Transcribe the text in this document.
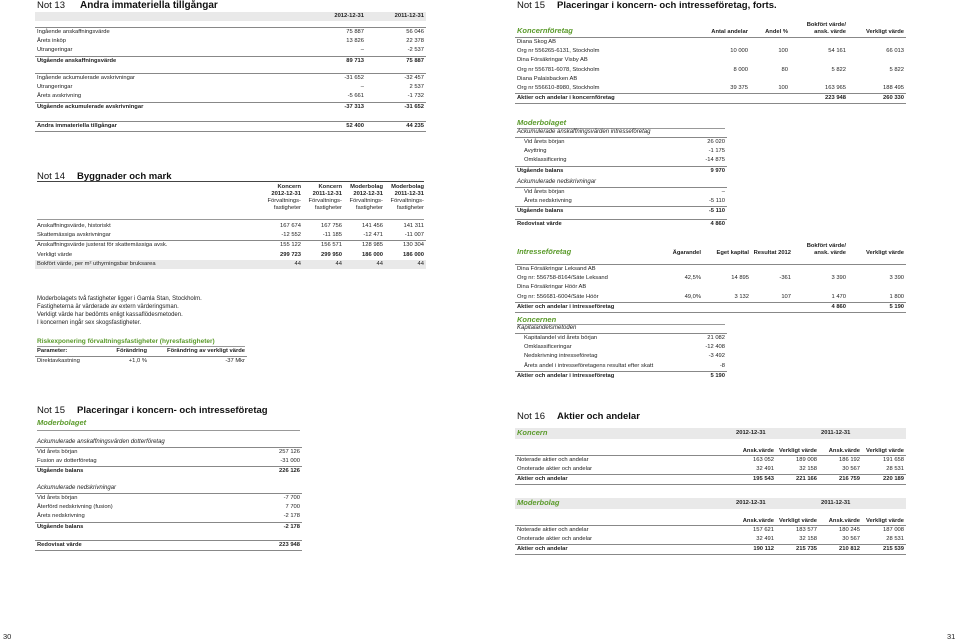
Not 13 Andra immateriella tillgångar
	2012-12-31	2011-12-31
Ingående anskaffningsvärde	75 887	56 046
Årets inköp	13 826	22 378
Utrangeringar	–	-2 537
Utgående anskaffningsvärde	89 713	75 887
Ingående ackumulerade avskrivningar	-31 652	-32 457
Utrangeringar	–	2 537
Årets avskrivning	-5 661	-1 732
Utgående ackumulerade avskrivningar	-37 313	-31 652
Andra immateriella tillgångar	52 400	44 235
Not 14 Byggnader och mark
	Koncern	Koncern	Moderbolag	Moderbolag
	2012-12-31	2011-12-31	2012-12-31	2011-12-31
	Förvaltnings-	Förvaltnings-	Förvaltnings-	Förvaltnings-
	fastigheter	fastigheter	fastigheter	fastigheter
Anskaffningsvärde, historiskt	167 674	167 756	141 456	141 311
Skattemässiga avskrivningar	-12 552	-11 185	-12 471	-11 007
Anskaffningsvärde justerat för skattemässiga avsk.	155 122	156 571	128 985	130 304
Verkligt värde	299 723	299 950	186 000	186 000
Bokfört värde, per m² uthyrningsbar bruksarea	44	44	44	44
Moderbolagets två fastigheter ligger i Gamla Stan, Stockholm.
Fastigheterna är värderade av extern värderingsman.
Verkligt värde har bedömts enligt kassaflödesmetoden.
I koncernen ingår sex skogsfastigheter.
Riskexponering förvaltningsfastigheter (hyresfastigheter)
Parameter:	Förändring	Förändring av verkligt värde
Direktavkastning	+1,0 %	-37 Mkr
Not 15 Placeringar i koncern- och intresseföretag
Moderbolaget
Ackumulerade anskaffningsvärden dotterföretag
Vid årets början	257 126
Fusion av dotterföretag	-31 000
Utgående balans	226 126
Ackumulerade nedskrivningar
Vid årets början	-7 700
Återförd nedskrivning (fusion)	7 700
Årets nedskrivning	-2 178
Utgående balans	-2 178
Redovisat värde	223 948
Not 15 Placeringar i koncern- och intresseföretag, forts.
Koncernföretag	Antal andelar	Andel %	Bokfört värde/ ansk. värde	Verkligt värde
Diana Skog AB				
Org nr 556265-6131, Stockholm	10 000	100	54 161	66 013
Dina Försäkringar Visby AB				
Org nr 556781-6078, Stockholm	8 000	80	5 822	5 822
Diana Palaisbacken AB				
Org nr 556610-8980, Stockholm	39 375	100	163 965	188 495
Aktier och andelar i koncernföretag			223 948	260 330
Moderbolaget
Ackumulerade anskaffningsvärden intresseföretag
Vid årets början	26 020
Avyttring	-1 175
Omklassificering	-14 875
Utgående balans	9 970
Ackumulerade nedskrivningar
Vid årets början	–
Årets nedskrivning	-5 110
Utgående balans	-5 110
Redovisat värde	4 860
Intresseföretag	Ägarandel	Eget kapital	Resultat 2012	Bokfört värde/ ansk. värde	Verkligt värde
Dina Försäkringar Leksand AB					
Org nr: 556758-8164/Säte Leksand	42,5%	14 895	-361	3 390	3 390
Dina Försäkringar Höör AB					
Org nr: 556681-6004/Säte Höör	49,0%	3 132	107	1 470	1 800
Aktier och andelar i intresseföretag				4 860	5 190
Koncernen
Kapitalandelsmetoden
Kapitalandel vid årets början	21 082
Omklassificeringar	-12 408
Nedskrivning intresseföretag	-3 492
Årets andel i intresseföretagens resultat efter skatt	-8
Aktier och andelar i intresseföretag	5 190
Not 16 Aktier och andelar
Koncern	2012-12-31		2011-12-31	
	Ansk.värde	Verkligt värde	Ansk.värde	Verkligt värde
Noterade aktier och andelar	163 052	189 008	186 192	191 658
Onoterade aktier och andelar	32 491	32 158	30 567	28 531
Aktier och andelar	195 543	221 166	216 759	220 189
Moderbolag	2012-12-31		2011-12-31	
	Ansk.värde	Verkligt värde	Ansk.värde	Verkligt värde
Noterade aktier och andelar	157 621	183 577	180 245	187 008
Onoterade aktier och andelar	32 491	32 158	30 567	28 531
Aktier och andelar	190 112	215 735	210 812	215 539
30	31
